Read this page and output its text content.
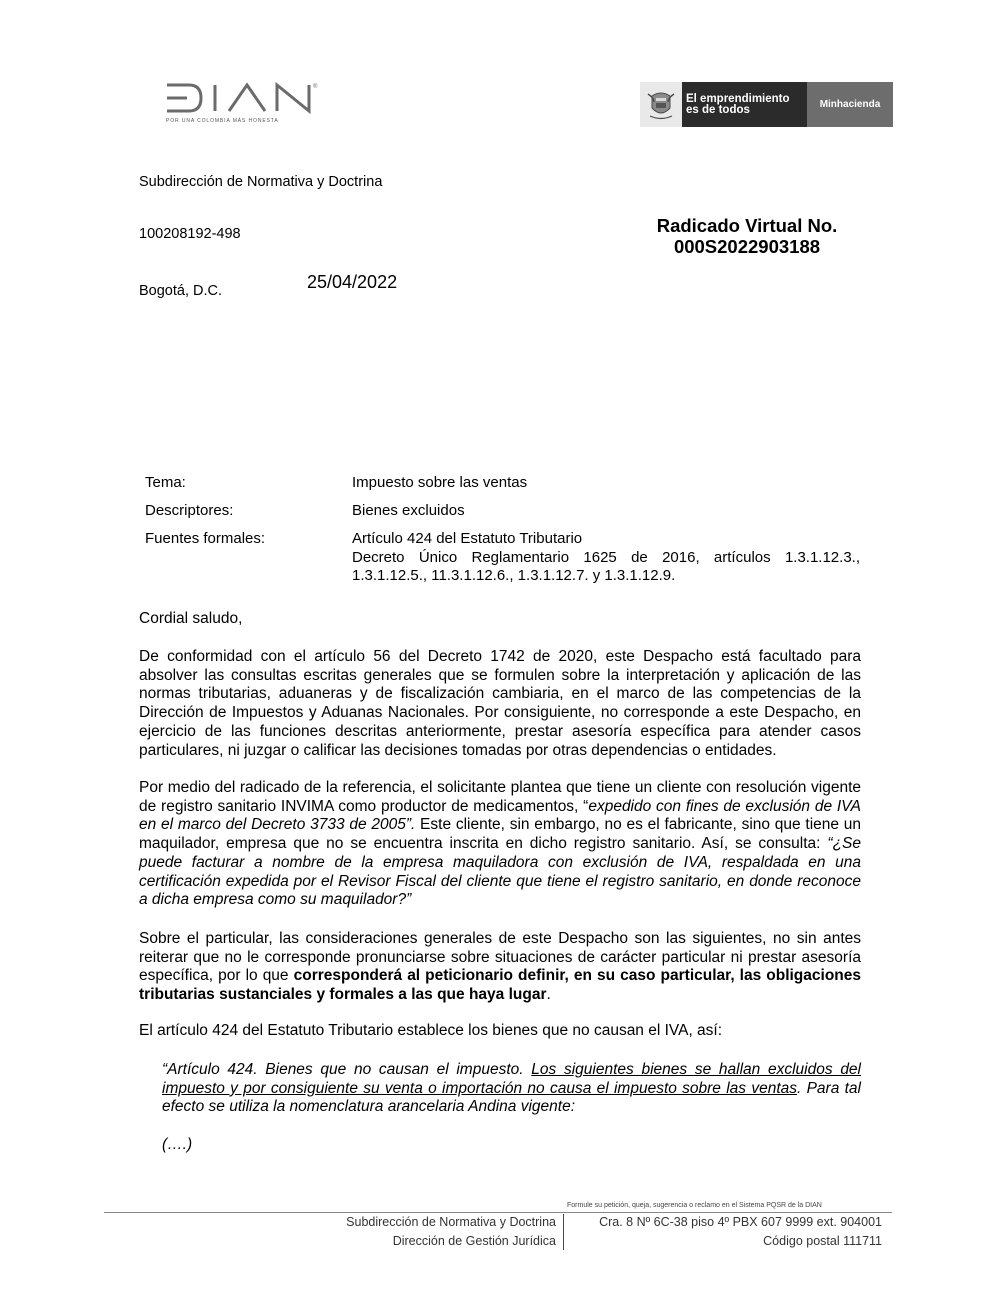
®
POR UNA COLOMBIA MÁS HONESTA
El emprendimiento
es de todos	Minhacienda
Subdirección de Normativa y Doctrina
100208192-498	Radicado Virtual No.
000S2022903188
Bogotá, D.C.	25/04/2022
Tema:	Impuesto sobre las ventas
Descriptores:	Bienes excluidos
Fuentes formales:	Artículo 424 del Estatuto Tributario
Decreto Único Reglamentario 1625 de 2016, artículos 1.3.1.12.3., 1.3.1.12.5., 11.3.1.12.6., 1.3.1.12.7. y 1.3.1.12.9.

Cordial saludo,

De conformidad con el artículo 56 del Decreto 1742 de 2020, este Despacho está facultado para absolver las consultas escritas generales que se formulen sobre la interpretación y aplicación de las normas tributarias, aduaneras y de fiscalización cambiaria, en el marco de las competencias de la Dirección de Impuestos y Aduanas Nacionales. Por consiguiente, no corresponde a este Despacho, en ejercicio de las funciones descritas anteriormente, prestar asesoría específica para atender casos particulares, ni juzgar o calificar las decisiones tomadas por otras dependencias o entidades.

Por medio del radicado de la referencia, el solicitante plantea que tiene un cliente con resolución vigente de registro sanitario INVIMA como productor de medicamentos, “expedido con fines de exclusión de IVA en el marco del Decreto 3733 de 2005”. Este cliente, sin embargo, no es el fabricante, sino que tiene un maquilador, empresa que no se encuentra inscrita en dicho registro sanitario. Así, se consulta: “¿Se puede facturar a nombre de la empresa maquiladora con exclusión de IVA, respaldada en una certificación expedida por el Revisor Fiscal del cliente que tiene el registro sanitario, en donde reconoce a dicha empresa como su maquilador?”

Sobre el particular, las consideraciones generales de este Despacho son las siguientes, no sin antes reiterar que no le corresponde pronunciarse sobre situaciones de carácter particular ni prestar asesoría específica, por lo que corresponderá al peticionario definir, en su caso particular, las obligaciones tributarias sustanciales y formales a las que haya lugar.

El artículo 424 del Estatuto Tributario establece los bienes que no causan el IVA, así:

“Artículo 424. Bienes que no causan el impuesto. Los siguientes bienes se hallan excluidos del impuesto y por consiguiente su venta o importación no causa el impuesto sobre las ventas. Para tal efecto se utiliza la nomenclatura arancelaria Andina vigente:

(….)

Formule su petición, queja, sugerencia o reclamo en el Sistema PQSR de la DIAN
Subdirección de Normativa y Doctrina
Dirección de Gestión Jurídica
Cra. 8 Nº 6C-38 piso 4º PBX 607 9999 ext. 904001
Código postal 111711
